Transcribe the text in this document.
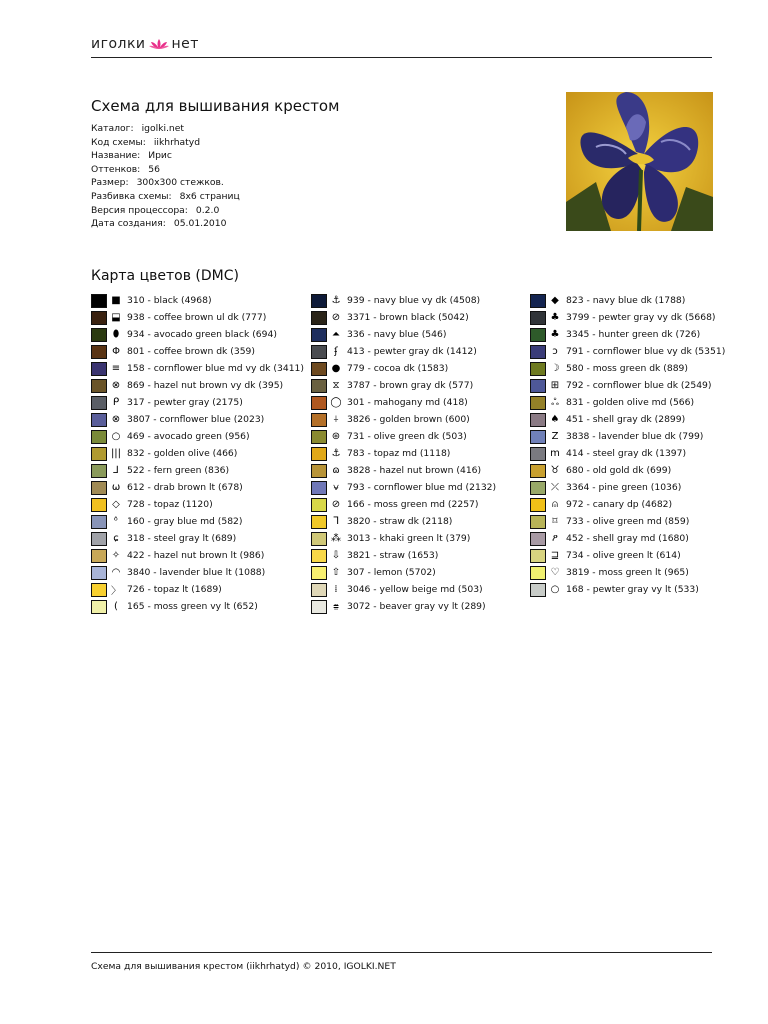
иголки нет
Схема для вышивания крестом
Каталог: igolki.net
Код схемы: iikhrhatyd
Название: Ирис
Оттенков: 56
Размер: 300x300 стежков.
Разбивка схемы: 8x6 страниц
Версия процессора: 0.2.0
Дата создания: 05.01.2010
Карта цветов (DMC)
■ 310 - black (4968)
⬓ 938 - coffee brown ul dk (777)
⬮ 934 - avocado green black (694)
Φ 801 - coffee brown dk (359)
≡ 158 - cornflower blue md vy dk (3411)
⊗ 869 - hazel nut brown vy dk (395)
ᑭ 317 - pewter gray (2175)
⊗ 3807 - cornflower blue (2023)
○ 469 - avocado green (956)
||| 832 - golden olive (466)
⅃ 522 - fern green (836)
ω 612 - drab brown lt (678)
◇ 728 - topaz (1120)
ᶞ 160 - gray blue md (582)
ɕ 318 - steel gray lt (689)
✧ 422 - hazel nut brown lt (986)
◠ 3840 - lavender blue lt (1088)
〉 726 - topaz lt (1689)
( 165 - moss green vy lt (652)
⚓ 939 - navy blue vy dk (4508)
⊘ 3371 - brown black (5042)
⏶ 336 - navy blue (546)
ʄ	413 - pewter gray dk (1412)
● 779 - cocoa dk (1583)
⧖ 3787 - brown gray dk (577)
◯ 301 - mahogany md (418)
⍭ 3826 - golden brown (600)
⊛ 731 - olive green dk (503)
⚓ 783 - topaz md (1118)
ɷ 3828 - hazel nut brown (416)
⍱ 793 - cornflower blue md (2132)
⊘ 166 - moss green md (2257)
ᒣ 3820 - straw dk (2118)
⁂ 3013 - khaki green lt (379)
⇩ 3821 - straw (1653)
⇧ 307 - lemon (5702)
⁞	3046 - yellow beige md (503)
⩷ 3072 - beaver gray vy lt (289)
◆ 823 - navy blue dk (1788)
♣ 3799 - pewter gray vy dk (5668)
♣ 3345 - hunter green dk (726)
ↄ 791 - cornflower blue vy dk (5351)
☽ 580 - moss green dk (889)
⊞ 792 - cornflower blue dk (2549)
ஃ 831 - golden olive md (566)
♠ 451 - shell gray dk (2899)
Z 3838 - lavender blue dk (799)
m 414 - steel gray dk (1397)
♉ 680 - old gold dk (699)
⤫ 3364 - pine green (1036)
⍝ 972 - canary dp (4682)
⌑ 733 - olive green md (859)
ዖ 452 - shell gray md (1680)
⊒ 734 - olive green lt (614)
♡ 3819 - moss green lt (965)
○ 168 - pewter gray vy lt (533)
Схема для вышивания крестом (iikhrhatyd) © 2010, IGOLKI.NET
